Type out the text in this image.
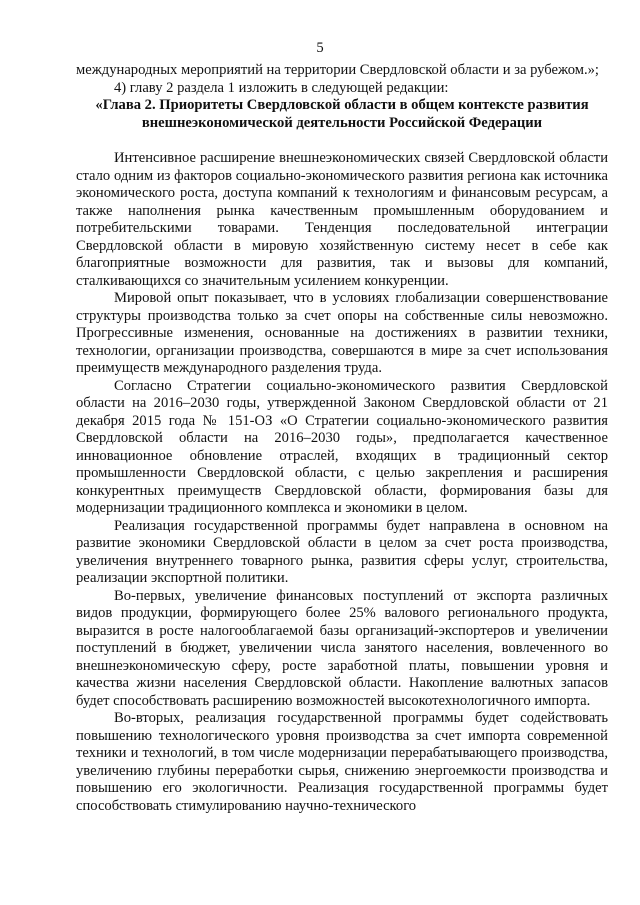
5

международных мероприятий на территории Свердловской области и за рубежом.»;

4) главу 2 раздела 1 изложить в следующей редакции:

«Глава 2. Приоритеты Свердловской области в общем контексте развития внешнеэкономической деятельности Российской Федерации

Интенсивное расширение внешнеэкономических связей Свердловской области стало одним из факторов социально-экономического развития региона как источника экономического роста, доступа компаний к технологиям и финансовым ресурсам, а также наполнения рынка качественным промышленным оборудованием и потребительскими товарами. Тенденция последовательной интеграции Свердловской области в мировую хозяйственную систему несет в себе как благоприятные возможности для развития, так и вызовы для компаний, сталкивающихся со значительным усилением конкуренции.

Мировой опыт показывает, что в условиях глобализации совершенствование структуры производства только за счет опоры на собственные силы невозможно. Прогрессивные изменения, основанные на достижениях в развитии техники, технологии, организации производства, совершаются в мире за счет использования преимуществ международного разделения труда.

Согласно Стратегии социально-экономического развития Свердловской области на 2016–2030 годы, утвержденной Законом Свердловской области от 21 декабря 2015 года № 151-ОЗ «О Стратегии социально-экономического развития Свердловской области на 2016–2030 годы», предполагается качественное инновационное обновление отраслей, входящих в традиционный сектор промышленности Свердловской области, с целью закрепления и расширения конкурентных преимуществ Свердловской области, формирования базы для модернизации традиционного комплекса и экономики в целом.

Реализация государственной программы будет направлена в основном на развитие экономики Свердловской области в целом за счет роста производства, увеличения внутреннего товарного рынка, развития сферы услуг, строительства, реализации экспортной политики.

Во-первых, увеличение финансовых поступлений от экспорта различных видов продукции, формирующего более 25% валового регионального продукта, выразится в росте налогооблагаемой базы организаций-экспортеров и увеличении поступлений в бюджет, увеличении числа занятого населения, вовлеченного во внешнеэкономическую сферу, росте заработной платы, повышении уровня и качества жизни населения Свердловской области. Накопление валютных запасов будет способствовать расширению возможностей высокотехнологичного импорта.

Во-вторых, реализация государственной программы будет содействовать повышению технологического уровня производства за счет импорта современной техники и технологий, в том числе модернизации перерабатывающего производства, увеличению глубины переработки сырья, снижению энергоемкости производства и повышению его экологичности. Реализация государственной программы будет способствовать стимулированию научно-технического
